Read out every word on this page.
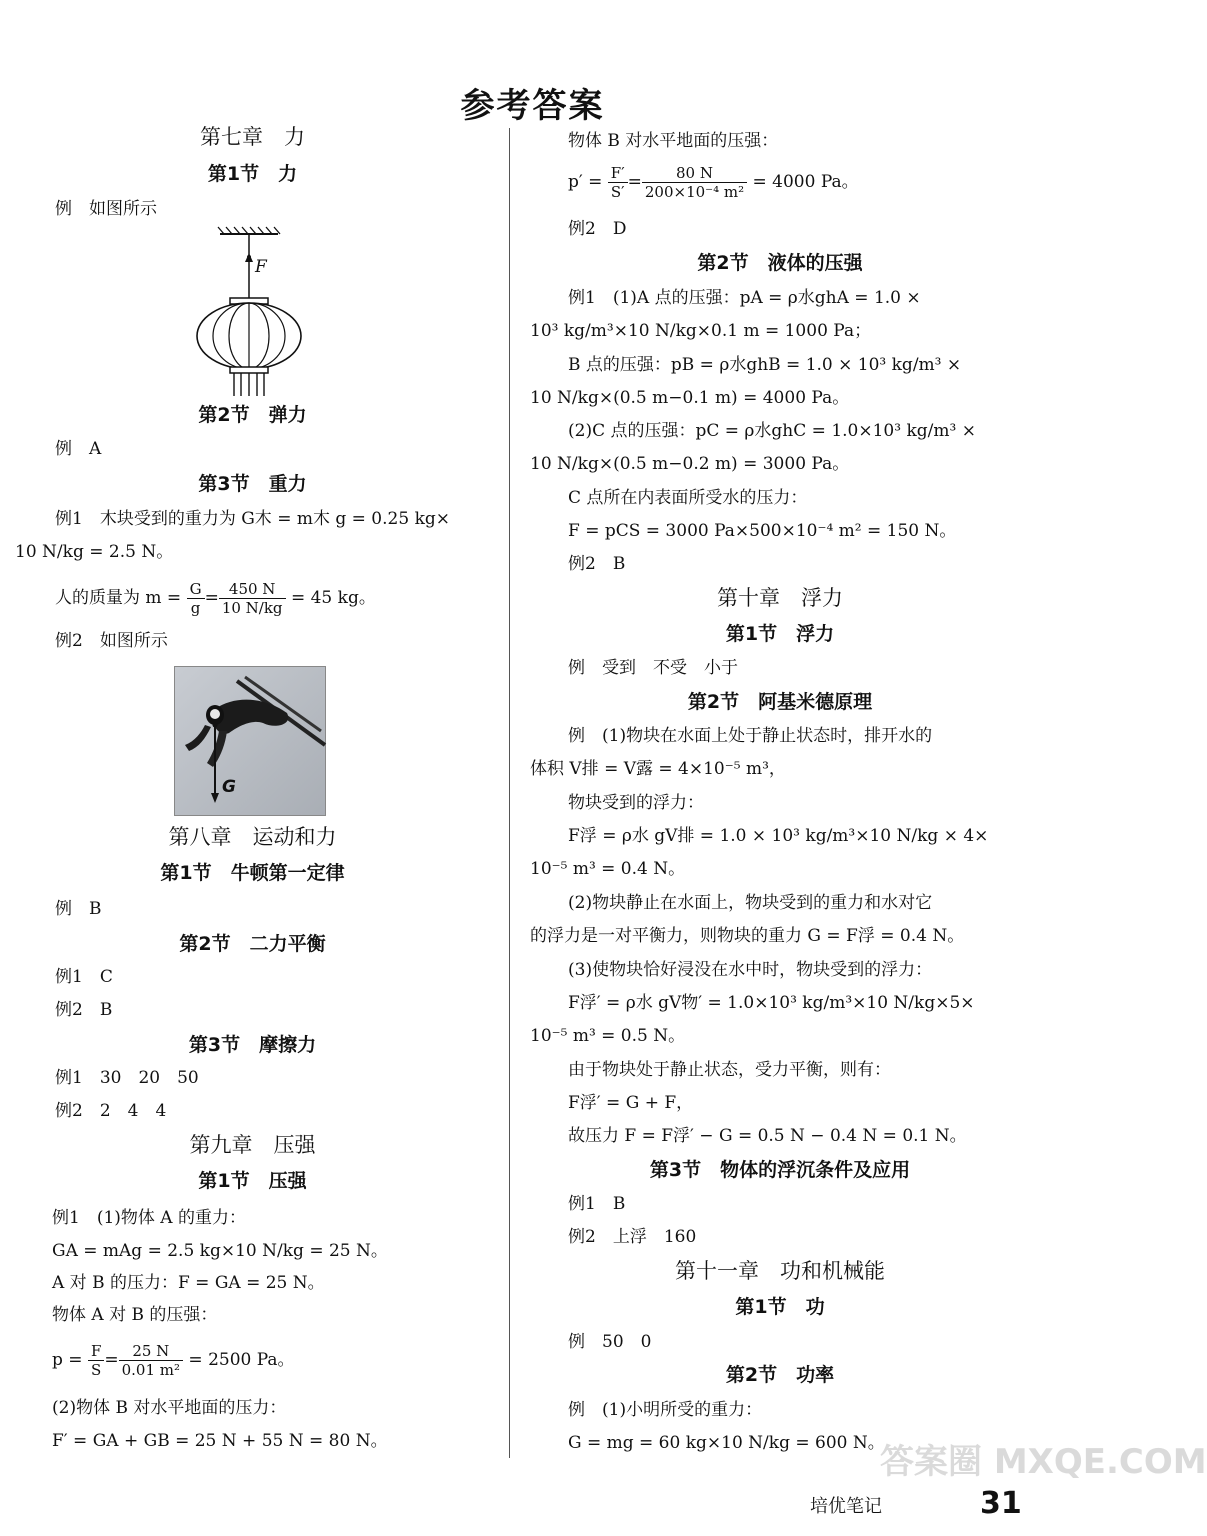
参考答案
第七章　力
第1节　力
例　如图所示
F
第2节　弹力
例　A
第3节　重力
例1　木块受到的重力为 G木 = m木 g = 0.25 kg×
10 N/kg = 2.5 N。
人的质量为 $m = \frac{G}{g} = \frac{450 N}{10 N/kg} = 45$ kg。
例2　如图所示
G
第八章　运动和力
第1节　牛顿第一定律
例　B
第2节　二力平衡
例1　C
例2　B
第3节　摩擦力
例1　30　20　50
例2　2　4　4
第九章　压强
第1节　压强
例1　(1)物体 A 的重力：
GA = mAg = 2.5 kg×10 N/kg = 25 N。
A 对 B 的压力：F = GA = 25 N。
物体 A 对 B 的压强：
$p = \frac{F}{S} = \frac{25 N}{\text{0.01 m²}} = 2500$ Pa。
(2)物体 B 对水平地面的压力：
F′ = GA + GB = 25 N + 55 N = 80 N。
物体 B 对水平地面的压强：
$p' = \frac{F'}{S'} = \frac{80 N}{\text{200×10⁻⁴ m²}} = 4000$ Pa。
例2　D
第2节　液体的压强
例1　(1)A 点的压强：pA = ρ水ghA = 1.0 ×
10³ kg/m³×10 N/kg×0.1 m = 1000 Pa；
B 点的压强：pB = ρ水ghB = 1.0 × 10³ kg/m³ ×
10 N/kg×(0.5 m−0.1 m) = 4000 Pa。
(2)C 点的压强：pC = ρ水ghC = 1.0×10³ kg/m³ ×
10 N/kg×(0.5 m−0.2 m) = 3000 Pa。
C 点所在内表面所受水的压力：
F = pCS = 3000 Pa×500×10⁻⁴ m² = 150 N。
例2　B
第十章　浮力
第1节　浮力
例　受到　不受　小于
第2节　阿基米德原理
例　(1)物块在水面上处于静止状态时，排开水的
体积 V排 = V露 = 4×10⁻⁵ m³，
物块受到的浮力：
F浮 = ρ水 gV排 = 1.0 × 10³ kg/m³×10 N/kg × 4×
10⁻⁵ m³ = 0.4 N。
(2)物块静止在水面上，物块受到的重力和水对它
的浮力是一对平衡力，则物块的重力 G = F浮 = 0.4 N。
(3)使物块恰好浸没在水中时，物块受到的浮力：
F浮′ = ρ水 gV物′ = 1.0×10³ kg/m³×10 N/kg×5×
10⁻⁵ m³ = 0.5 N。
由于物块处于静止状态，受力平衡，则有：
F浮′ = G + F，
故压力 F = F浮′ − G = 0.5 N − 0.4 N = 0.1 N。
第3节　物体的浮沉条件及应用
例1　B
例2　上浮　160
第十一章　功和机械能
第1节　功
例　50　0
第2节　功率
例　(1)小明所受的重力：
G = mg = 60 kg×10 N/kg = 600 N。
培优笔记	31
答案圈 MXQE.COM
